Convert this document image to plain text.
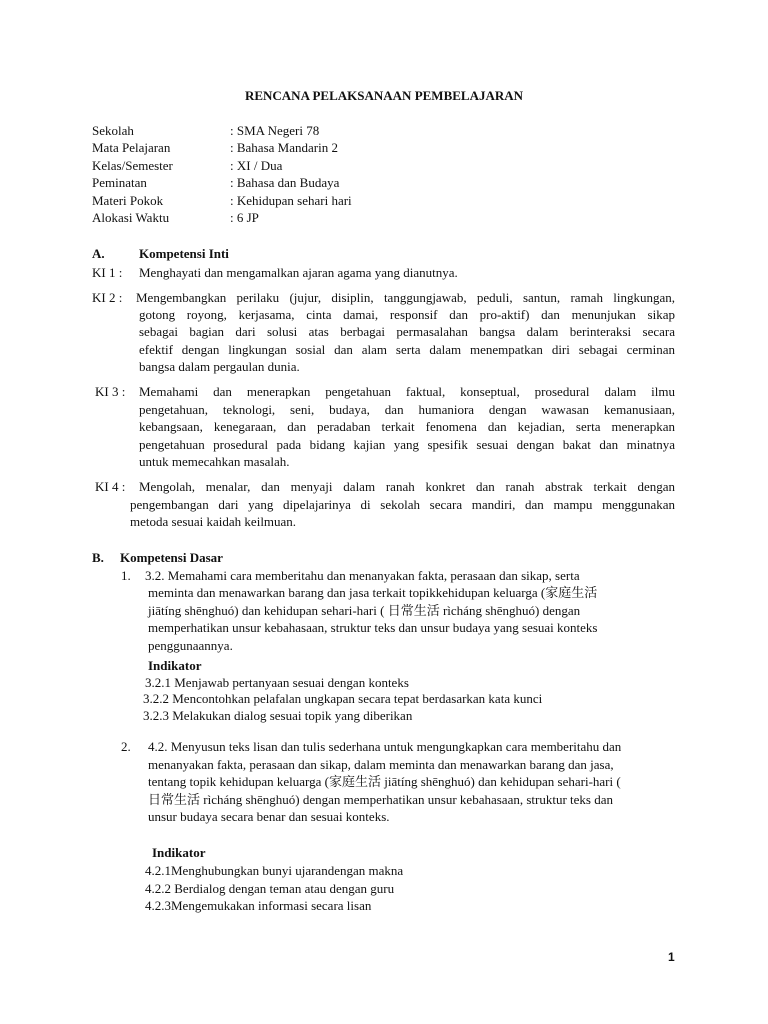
RENCANA PELAKSANAAN PEMBELAJARAN

Sekolah	: SMA Negeri 78

Mata Pelajaran	: Bahasa Mandarin 2

Kelas/Semester	: XI / Dua

Peminatan	: Bahasa dan Budaya

Materi Pokok	: Kehidupan sehari hari

Alokasi Waktu	: 6 JP

A.	Kompetensi Inti

KI 1 : Menghayati dan mengamalkan ajaran agama yang dianutnya.

KI 2 : Mengembangkan perilaku (jujur, disiplin, tanggungjawab, peduli, santun, ramah lingkungan,

gotong royong, kerjasama, cinta damai, responsif dan pro-aktif) dan menunjukan sikap

sebagai bagian dari solusi atas berbagai permasalahan bangsa dalam berinteraksi secara

efektif dengan lingkungan sosial dan alam serta dalam menempatkan diri sebagai cerminan

bangsa dalam pergaulan dunia.

KI 3 : Memahami dan menerapkan pengetahuan faktual, konseptual, prosedural dalam ilmu

pengetahuan, teknologi, seni, budaya, dan humaniora dengan wawasan kemanusiaan,

kebangsaan, kenegaraan, dan peradaban terkait fenomena dan kejadian, serta menerapkan

pengetahuan prosedural pada bidang kajian yang spesifik sesuai dengan bakat dan minatnya

untuk memecahkan masalah.

KI 4 : Mengolah, menalar, dan menyaji dalam ranah konkret dan ranah abstrak terkait dengan

pengembangan dari yang dipelajarinya di sekolah secara mandiri, dan mampu menggunakan

metoda sesuai kaidah keilmuan.

B. Kompetensi Dasar

1. 3.2. Memahami cara memberitahu dan menanyakan fakta, perasaan dan sikap, serta

meminta dan menawarkan barang dan jasa terkait topikkehidupan keluarga (家庭生活

jiātíng shēnghuó) dan kehidupan sehari-hari ( 日常生活 rìcháng shēnghuó) dengan

memperhatikan unsur kebahasaan, struktur teks dan unsur budaya yang sesuai konteks

penggunaannya.

Indikator

3.2.1 Menjawab pertanyaan sesuai dengan konteks

3.2.2 Mencontohkan pelafalan ungkapan secara tepat berdasarkan kata kunci

3.2.3 Melakukan dialog sesuai topik yang diberikan

2. 4.2. Menyusun teks lisan dan tulis sederhana untuk mengungkapkan cara memberitahu dan

menanyakan fakta, perasaan dan sikap, dalam meminta dan menawarkan barang dan jasa,

tentang topik kehidupan keluarga (家庭生活 jiātíng shēnghuó) dan kehidupan sehari-hari (

日常生活 rìcháng shēnghuó) dengan memperhatikan unsur kebahasaan, struktur teks dan

unsur budaya secara benar dan sesuai konteks.

Indikator

4.2.1Menghubungkan bunyi ujarandengan makna

4.2.2 Berdialog dengan teman atau dengan guru

4.2.3Mengemukakan informasi secara lisan

1
